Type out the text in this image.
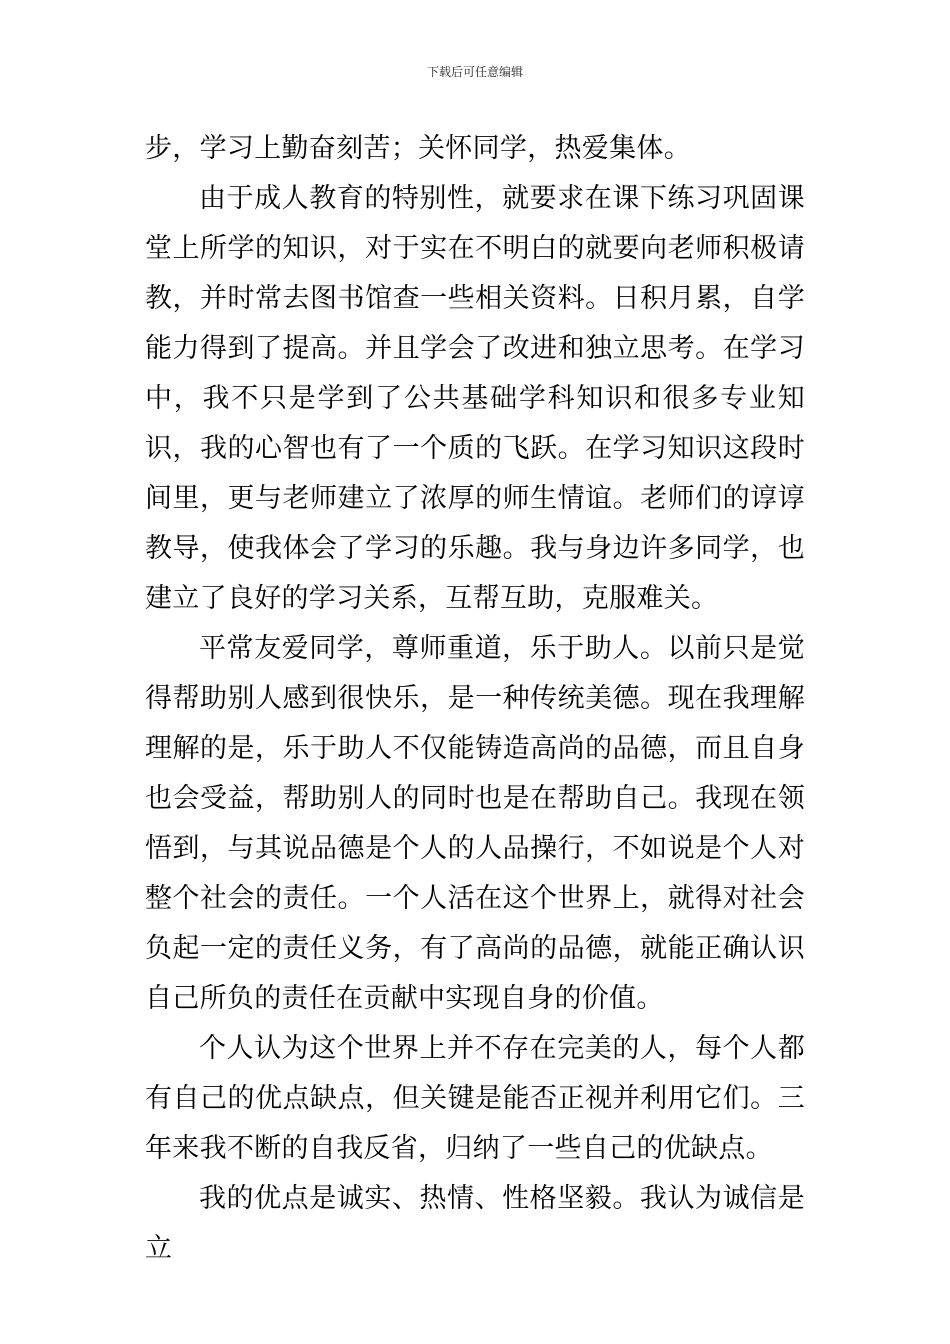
下载后可任意编辑

步，学习上勤奋刻苦；关怀同学，热爱集体。

由于成人教育的特别性，就要求在课下练习巩固课堂上所学的知识，对于实在不明白的就要向老师积极请教，并时常去图书馆查一些相关资料。日积月累，自学能力得到了提高。并且学会了改进和独立思考。在学习中，我不只是学到了公共基础学科知识和很多专业知识，我的心智也有了一个质的飞跃。在学习知识这段时间里，更与老师建立了浓厚的师生情谊。老师们的谆谆教导，使我体会了学习的乐趣。我与身边许多同学，也建立了良好的学习关系，互帮互助，克服难关。

平常友爱同学，尊师重道，乐于助人。以前只是觉得帮助别人感到很快乐，是一种传统美德。现在我理解理解的是，乐于助人不仅能铸造高尚的品德，而且自身也会受益，帮助别人的同时也是在帮助自己。我现在领悟到，与其说品德是个人的人品操行，不如说是个人对整个社会的责任。一个人活在这个世界上，就得对社会负起一定的责任义务，有了高尚的品德，就能正确认识自己所负的责任在贡献中实现自身的价值。

个人认为这个世界上并不存在完美的人，每个人都有自己的优点缺点，但关键是能否正视并利用它们。三年来我不断的自我反省，归纳了一些自己的优缺点。

我的优点是诚实、热情、性格坚毅。我认为诚信是立
